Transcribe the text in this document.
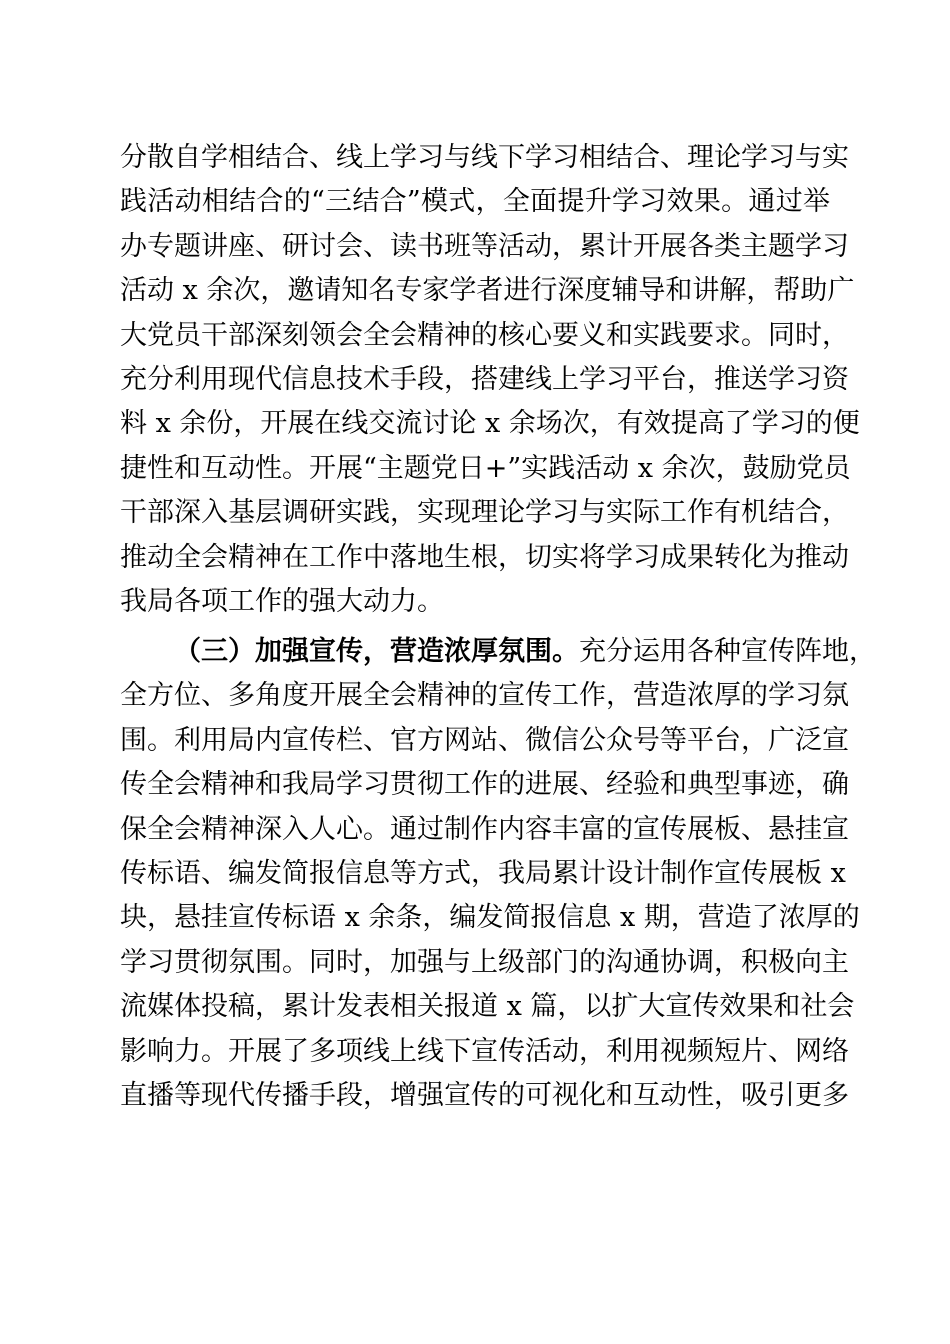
分散自学相结合、线上学习与线下学习相结合、理论学习与实
践活动相结合的“三结合”模式，全面提升学习效果。通过举
办专题讲座、研讨会、读书班等活动，累计开展各类主题学习
活动 x 余次，邀请知名专家学者进行深度辅导和讲解，帮助广
大党员干部深刻领会全会精神的核心要义和实践要求。同时，
充分利用现代信息技术手段，搭建线上学习平台，推送学习资
料 x 余份，开展在线交流讨论 x 余场次，有效提高了学习的便
捷性和互动性。开展“主题党日+”实践活动 x 余次，鼓励党员
干部深入基层调研实践，实现理论学习与实际工作有机结合，
推动全会精神在工作中落地生根，切实将学习成果转化为推动
我局各项工作的强大动力。
（三）加强宣传，营造浓厚氛围。充分运用各种宣传阵地，
全方位、多角度开展全会精神的宣传工作，营造浓厚的学习氛
围。利用局内宣传栏、官方网站、微信公众号等平台，广泛宣
传全会精神和我局学习贯彻工作的进展、经验和典型事迹，确
保全会精神深入人心。通过制作内容丰富的宣传展板、悬挂宣
传标语、编发简报信息等方式，我局累计设计制作宣传展板 x
块，悬挂宣传标语 x 余条，编发简报信息 x 期，营造了浓厚的
学习贯彻氛围。同时，加强与上级部门的沟通协调，积极向主
流媒体投稿，累计发表相关报道 x 篇，以扩大宣传效果和社会
影响力。开展了多项线上线下宣传活动，利用视频短片、网络
直播等现代传播手段，增强宣传的可视化和互动性，吸引更多
